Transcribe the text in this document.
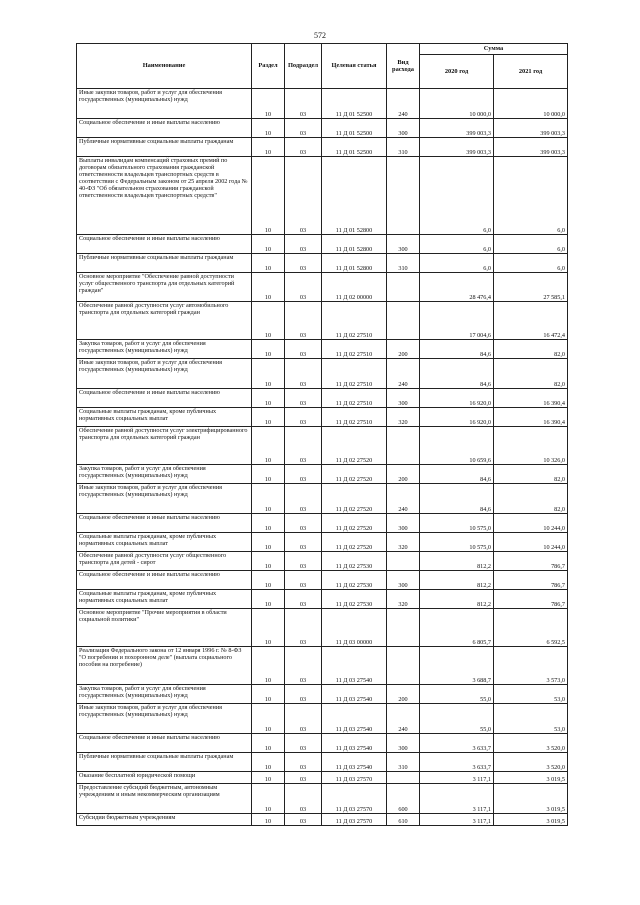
572
Наименование	Раздел	Подраздел	Целевая статья	Вид расхода	Сумма	
					2020 год	2021 год
Иные закупки товаров, работ и услуг для обеспечения государственных (муниципальных) нужд	10	03	11 Д 01 52500	240	10 000,0	10 000,0
Социальное обеспечение и иные выплаты населению	10	03	11 Д 01 52500	300	399 003,3	399 003,3
Публичные нормативные социальные выплаты гражданам	10	03	11 Д 01 52500	310	399 003,3	399 003,3
Выплаты инвалидам компенсаций страховых премий по договорам обязательного страхования гражданской ответственности владельцев транспортных средств в соответствии с Федеральным законом от 25 апреля 2002 года № 40-ФЗ "Об обязательном страховании гражданской ответственности владельцев транспортных средств"	10	03	11 Д 01 52800		6,0	6,0
Социальное обеспечение и иные выплаты населению	10	03	11 Д 01 52800	300	6,0	6,0
Публичные нормативные социальные выплаты гражданам	10	03	11 Д 01 52800	310	6,0	6,0
Основное мероприятие "Обеспечение равной доступности услуг общественного транспорта для отдельных категорий граждан"	10	03	11 Д 02 00000		28 476,4	27 585,1
Обеспечение равной доступности услуг автомобильного транспорта для отдельных категорий граждан	10	03	11 Д 02 27510		17 004,6	16 472,4
Закупка товаров, работ и услуг для обеспечения государственных (муниципальных) нужд	10	03	11 Д 02 27510	200	84,6	82,0
Иные закупки товаров, работ и услуг для обеспечения государственных (муниципальных) нужд	10	03	11 Д 02 27510	240	84,6	82,0
Социальное обеспечение и иные выплаты населению	10	03	11 Д 02 27510	300	16 920,0	16 390,4
Социальные выплаты гражданам, кроме публичных нормативных социальных выплат	10	03	11 Д 02 27510	320	16 920,0	16 390,4
Обеспечение равной доступности услуг электрифицированного транспорта для отдельных категорий граждан	10	03	11 Д 02 27520		10 659,6	10 326,0
Закупка товаров, работ и услуг для обеспечения государственных (муниципальных) нужд	10	03	11 Д 02 27520	200	84,6	82,0
Иные закупки товаров, работ и услуг для обеспечения государственных (муниципальных) нужд	10	03	11 Д 02 27520	240	84,6	82,0
Социальное обеспечение и иные выплаты населению	10	03	11 Д 02 27520	300	10 575,0	10 244,0
Социальные выплаты гражданам, кроме публичных нормативных социальных выплат	10	03	11 Д 02 27520	320	10 575,0	10 244,0
Обеспечение равной доступности услуг общественного транспорта для детей - сирот	10	03	11 Д 02 27530		812,2	786,7
Социальное обеспечение и иные выплаты населению	10	03	11 Д 02 27530	300	812,2	786,7
Социальные выплаты гражданам, кроме публичных нормативных социальных выплат	10	03	11 Д 02 27530	320	812,2	786,7
Основное мероприятие "Прочие мероприятия в области социальной политики"	10	03	11 Д 03 00000		6 805,7	6 592,5
Реализация Федерального закона от 12 января 1996 г. № 8-ФЗ "О погребении и похоронном деле" (выплата социального пособия на погребение)	10	03	11 Д 03 27540		3 688,7	3 573,0
Закупка товаров, работ и услуг для обеспечения государственных (муниципальных) нужд	10	03	11 Д 03 27540	200	55,0	53,0
Иные закупки товаров, работ и услуг для обеспечения государственных (муниципальных) нужд	10	03	11 Д 03 27540	240	55,0	53,0
Социальное обеспечение и иные выплаты населению	10	03	11 Д 03 27540	300	3 633,7	3 520,0
Публичные нормативные социальные выплаты гражданам	10	03	11 Д 03 27540	310	3 633,7	3 520,0
Оказание бесплатной юридической помощи	10	03	11 Д 03 27570		3 117,1	3 019,5
Предоставление субсидий бюджетным, автономным учреждениям и иным некоммерческим организациям	10	03	11 Д 03 27570	600	3 117,1	3 019,5
Субсидии бюджетным учреждениям	10	03	11 Д 03 27570	610	3 117,1	3 019,5
